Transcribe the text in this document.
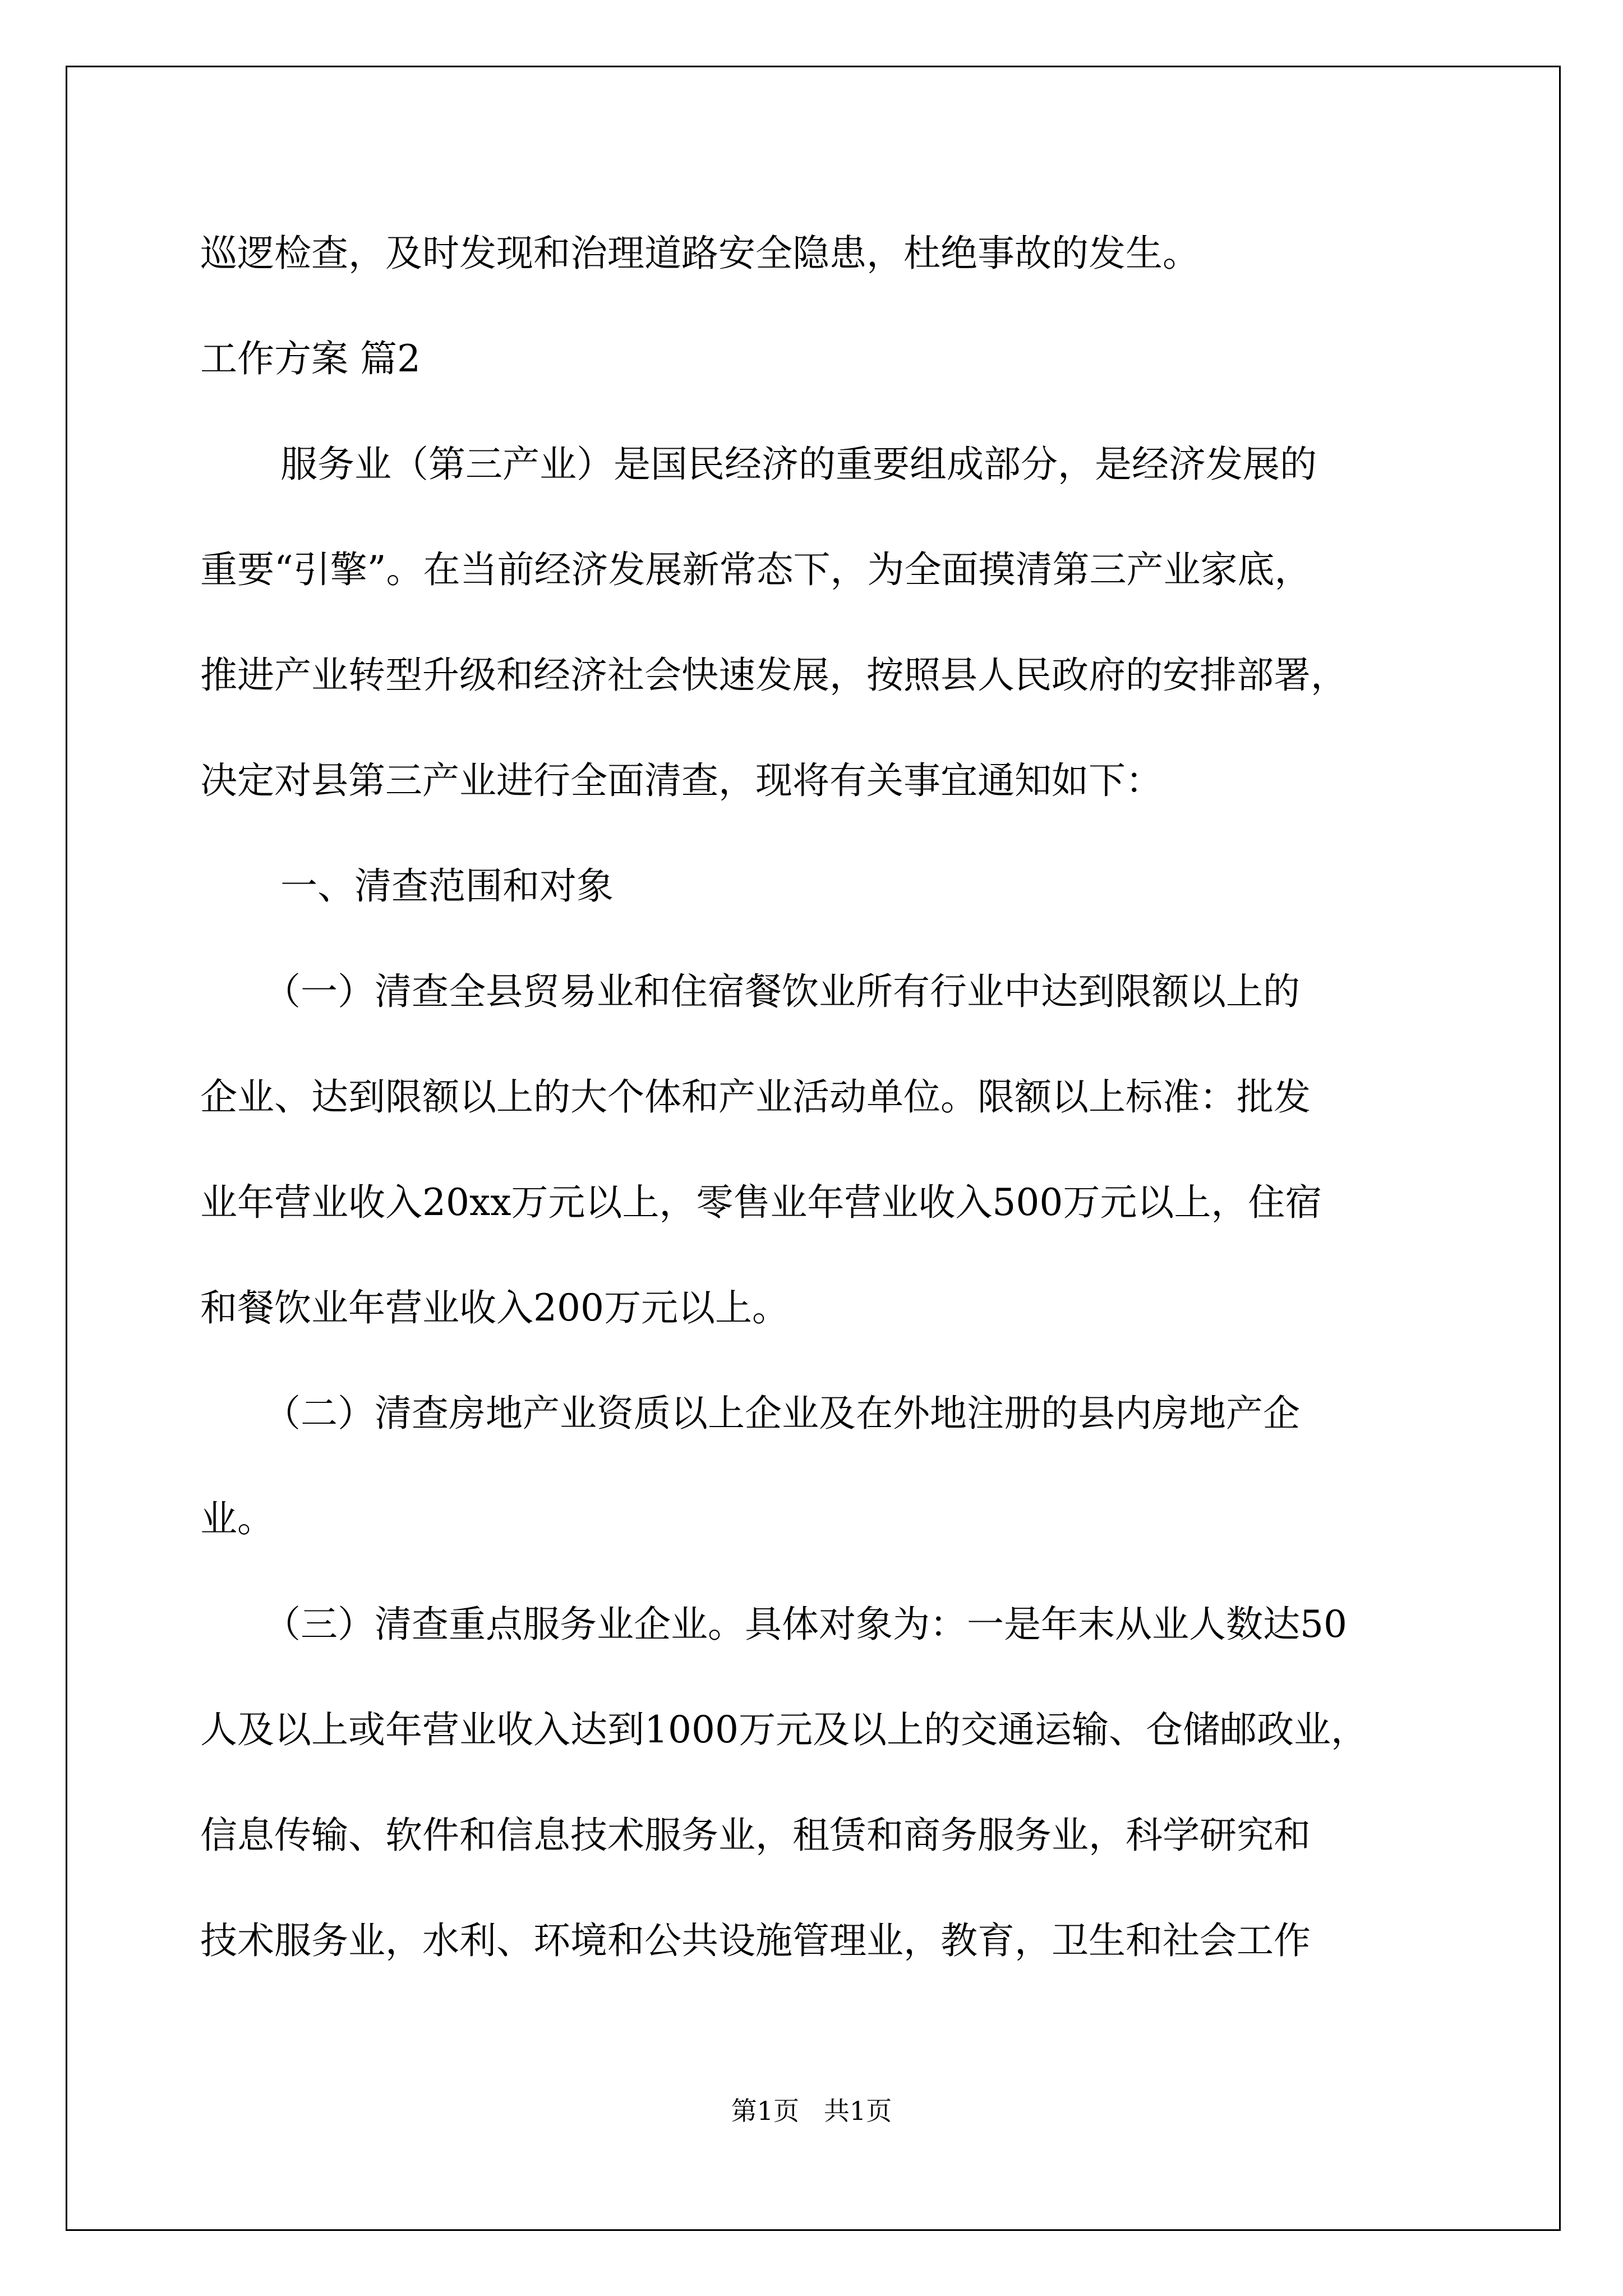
巡逻检查，及时发现和治理道路安全隐患，杜绝事故的发生。
工作方案 篇2
服务业（第三产业）是国民经济的重要组成部分，是经济发展的
重要“引擎”。在当前经济发展新常态下，为全面摸清第三产业家底，
推进产业转型升级和经济社会快速发展，按照县人民政府的安排部署，
决定对县第三产业进行全面清查，现将有关事宜通知如下：
一、清查范围和对象
（一）清查全县贸易业和住宿餐饮业所有行业中达到限额以上的
企业、达到限额以上的大个体和产业活动单位。限额以上标准：批发
业年营业收入20xx万元以上，零售业年营业收入500万元以上，住宿
和餐饮业年营业收入200万元以上。
（二）清查房地产业资质以上企业及在外地注册的县内房地产企
业。
（三）清查重点服务业企业。具体对象为：一是年末从业人数达50
人及以上或年营业收入达到1000万元及以上的交通运输、仓储邮政业，
信息传输、软件和信息技术服务业，租赁和商务服务业，科学研究和
技术服务业，水利、环境和公共设施管理业，教育，卫生和社会工作
第1页   共1页
